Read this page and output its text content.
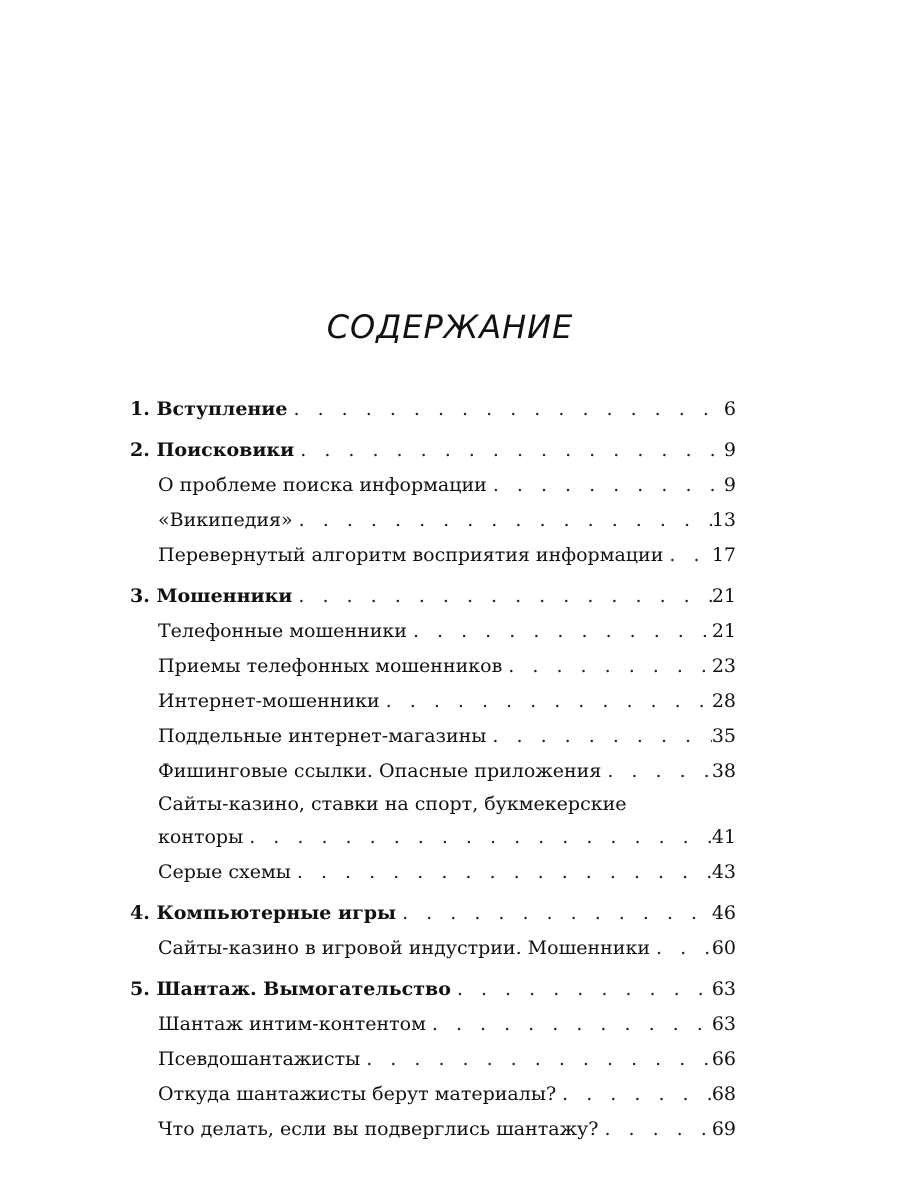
СОДЕРЖАНИЕ
1. Вступление . . .	6
2. Поисковики . . .	9
О проблеме поиска информации . . .	9
«Википедия» . . .	13
Перевернутый алгоритм восприятия информации . . .	17
3. Мошенники . . .	21
Телефонные мошенники . . .	21
Приемы телефонных мошенников . . .	23
Интернет-мошенники . . .	28
Поддельные интернет-магазины . . .	35
Фишинговые ссылки. Опасные приложения . . .	38
Сайты-казино, ставки на спорт, букмекерские
конторы . . .	41
Серые схемы . . .	43
4. Компьютерные игры . . .	46
Сайты-казино в игровой индустрии. Мошенники . . .	60
5. Шантаж. Вымогательство . . .	63
Шантаж интим-контентом . . .	63
Псевдошантажисты . . .	66
Откуда шантажисты берут материалы? . . .	68
Что делать, если вы подверглись шантажу? . . .	69
